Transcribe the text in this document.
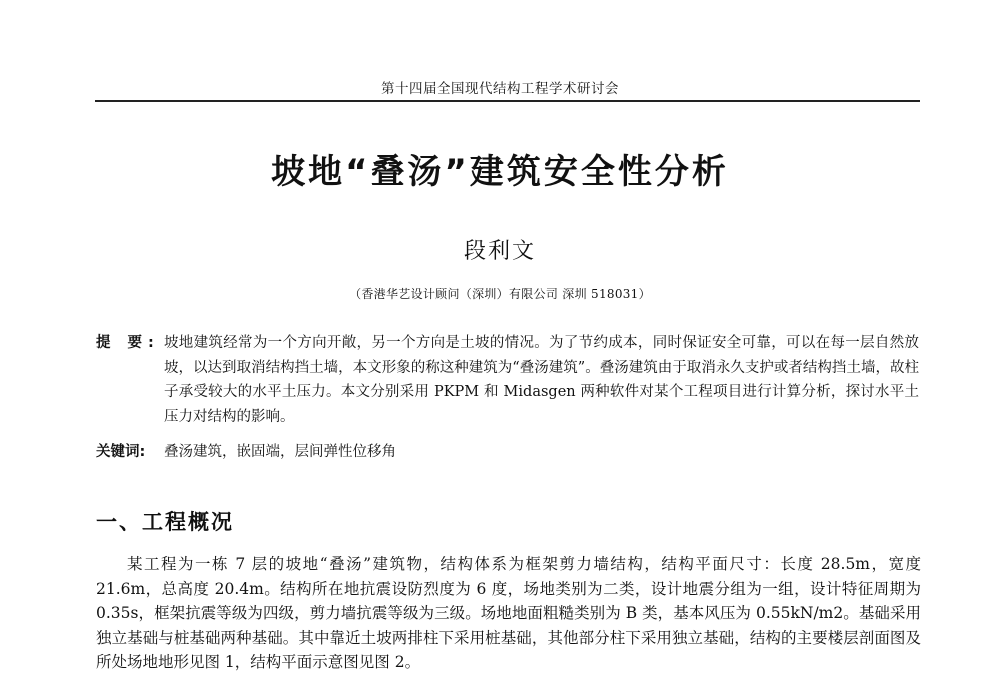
第十四届全国现代结构工程学术研讨会
坡地“叠汤”建筑安全性分析
段利文
（香港华艺设计顾问（深圳）有限公司 深圳 518031）
提 要: 坡地建筑经常为一个方向开敞，另一个方向是土坡的情况。为了节约成本，同时保证安全可靠，可以在每一层自然放坡，以达到取消结构挡土墙，本文形象的称这种建筑为“叠汤建筑”。叠汤建筑由于取消永久支护或者结构挡土墙，故柱子承受较大的水平土压力。本文分别采用 PKPM 和 Midasgen 两种软件对某个工程项目进行计算分析，探讨水平土压力对结构的影响。
关键词: 叠汤建筑，嵌固端，层间弹性位移角
一、工程概况

某工程为一栋 7 层的坡地“叠汤”建筑物，结构体系为框架剪力墙结构，结构平面尺寸：长度 28.5m，宽度 21.6m，总高度 20.4m。结构所在地抗震设防烈度为 6 度，场地类别为二类，设计地震分组为一组，设计特征周期为 0.35s，框架抗震等级为四级，剪力墙抗震等级为三级。场地地面粗糙类别为 B 类，基本风压为 0.55kN/m2。基础采用独立基础与桩基础两种基础。其中靠近土坡两排柱下采用桩基础，其他部分柱下采用独立基础，结构的主要楼层剖面图及所处场地地形见图 1，结构平面示意图见图 2。
